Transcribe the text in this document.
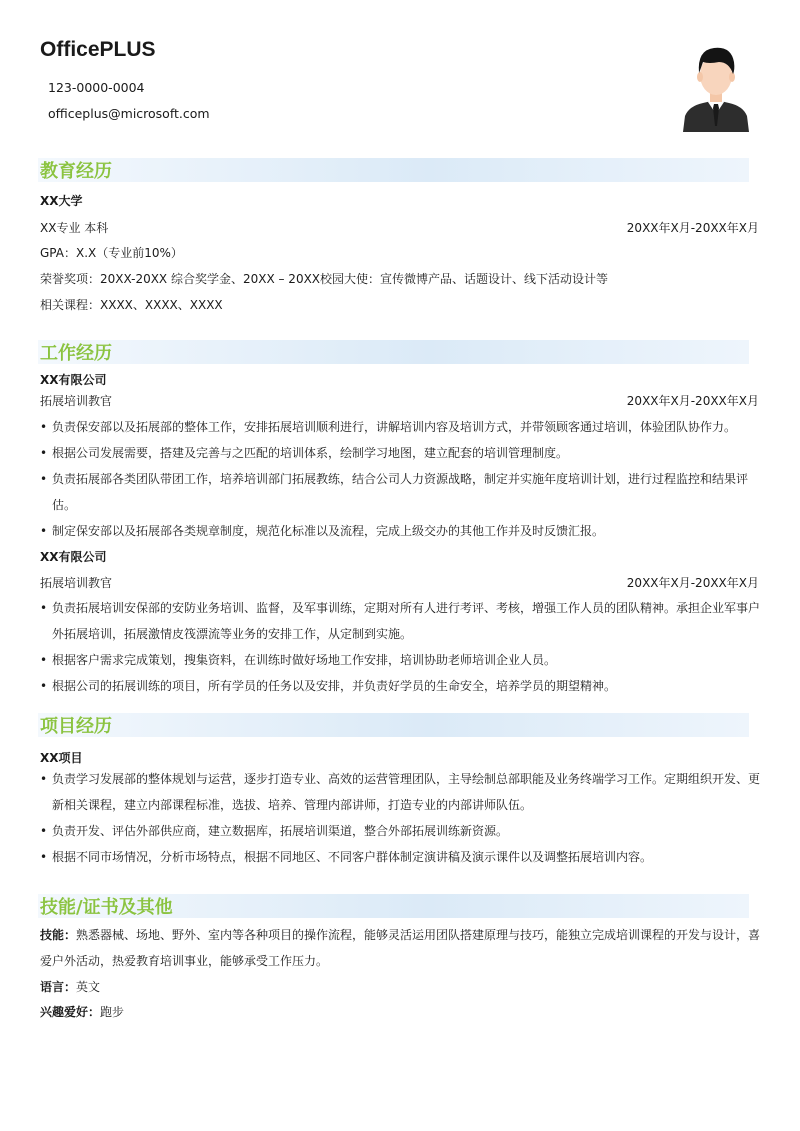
OfficePLUS
123-0000-0004
officeplus@microsoft.com
教育经历
XX大学
XX专业 本科	20XX年X月-20XX年X月
GPA：X.X（专业前10%）
荣誉奖项：20XX-20XX 综合奖学金、20XX – 20XX校园大使：宣传微博产品、话题设计、线下活动设计等
相关课程：XXXX、XXXX、XXXX
工作经历
XX有限公司
拓展培训教官	20XX年X月-20XX年X月
• 负责保安部以及拓展部的整体工作，安排拓展培训顺利进行，讲解培训内容及培训方式，并带领顾客通过培训，体验团队协作力。
• 根据公司发展需要，搭建及完善与之匹配的培训体系，绘制学习地图，建立配套的培训管理制度。
• 负责拓展部各类团队带团工作，培养培训部门拓展教练，结合公司人力资源战略，制定并实施年度培训计划，进行过程监控和结果评估。
• 制定保安部以及拓展部各类规章制度，规范化标准以及流程，完成上级交办的其他工作并及时反馈汇报。
XX有限公司
拓展培训教官	20XX年X月-20XX年X月
• 负责拓展培训安保部的安防业务培训、监督，及军事训练，定期对所有人进行考评、考核，增强工作人员的团队精神。承担企业军事户外拓展培训，拓展激情皮筏漂流等业务的安排工作，从定制到实施。
• 根据客户需求完成策划，搜集资料，在训练时做好场地工作安排，培训协助老师培训企业人员。
• 根据公司的拓展训练的项目，所有学员的任务以及安排，并负责好学员的生命安全，培养学员的期望精神。
项目经历
XX项目
• 负责学习发展部的整体规划与运营，逐步打造专业、高效的运营管理团队，主导绘制总部职能及业务终端学习工作。定期组织开发、更新相关课程，建立内部课程标准，选拔、培养、管理内部讲师，打造专业的内部讲师队伍。
• 负责开发、评估外部供应商，建立数据库，拓展培训渠道，整合外部拓展训练新资源。
• 根据不同市场情况，分析市场特点，根据不同地区、不同客户群体制定演讲稿及演示课件以及调整拓展培训内容。
技能/证书及其他
技能：熟悉器械、场地、野外、室内等各种项目的操作流程，能够灵活运用团队搭建原理与技巧，能独立完成培训课程的开发与设计，喜爱户外活动，热爱教育培训事业，能够承受工作压力。
语言：英文
兴趣爱好：跑步
